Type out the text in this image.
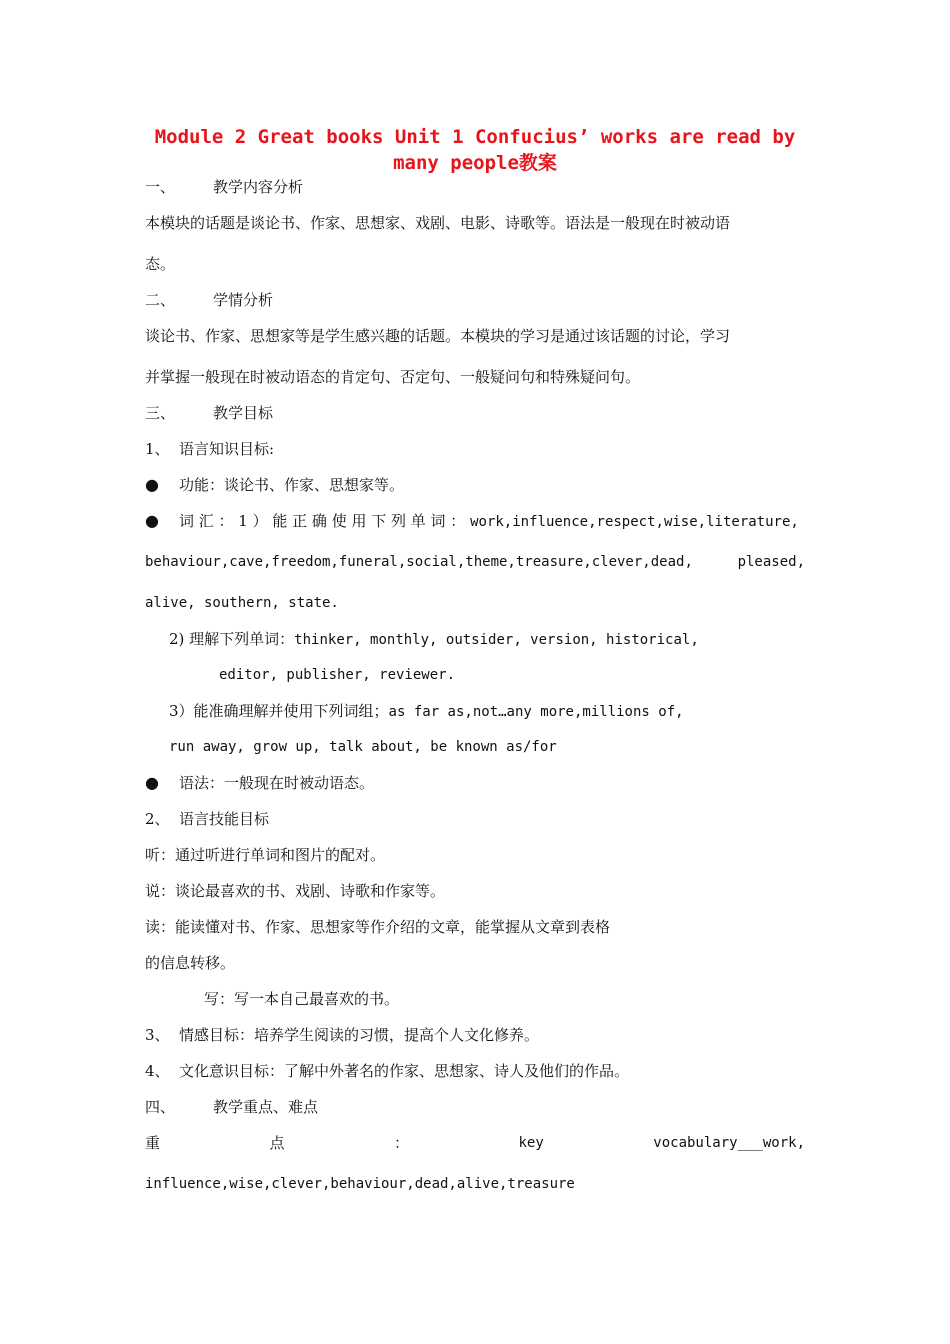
Module 2 Great books Unit 1 Confucius’ works are read by
many people教案
一、	教学内容分析
本模块的话题是谈论书、作家、思想家、戏剧、电影、诗歌等。语法是一般现在时被动语
态。
二、	学情分析
谈论书、作家、思想家等是学生感兴趣的话题。本模块的学习是通过该话题的讨论，学习
并掌握一般现在时被动语态的肯定句、否定句、一般疑问句和特殊疑问句。
三、	教学目标
1、 语言知识目标:
● 功能：谈论书、作家、思想家等。
● 词 汇 ： 1 ） 能 正 确 使 用 下 列 单 词 ： work,influence,respect,wise,literature,
behaviour,cave,freedom,funeral,social,theme,treasure,clever,dead,	pleased,
alive, southern, state.
2) 理解下列单词：thinker, monthly, outsider, version, historical,
editor, publisher, reviewer.
3）能准确理解并使用下列词组；as far as,not…any more,millions of,
run away, grow up, talk about, be known as/for
● 语法：一般现在时被动语态。
2、 语言技能目标
听：通过听进行单词和图片的配对。
说：谈论最喜欢的书、戏剧、诗歌和作家等。
读：能读懂对书、作家、思想家等作介绍的文章，能掌握从文章到表格
的信息转移。
写：写一本自己最喜欢的书。
3、 情感目标：培养学生阅读的习惯，提高个人文化修养。
4、 文化意识目标：了解中外著名的作家、思想家、诗人及他们的作品。
四、	教学重点、难点
重	点	：	key	vocabulary___work,
influence,wise,clever,behaviour,dead,alive,treasure
